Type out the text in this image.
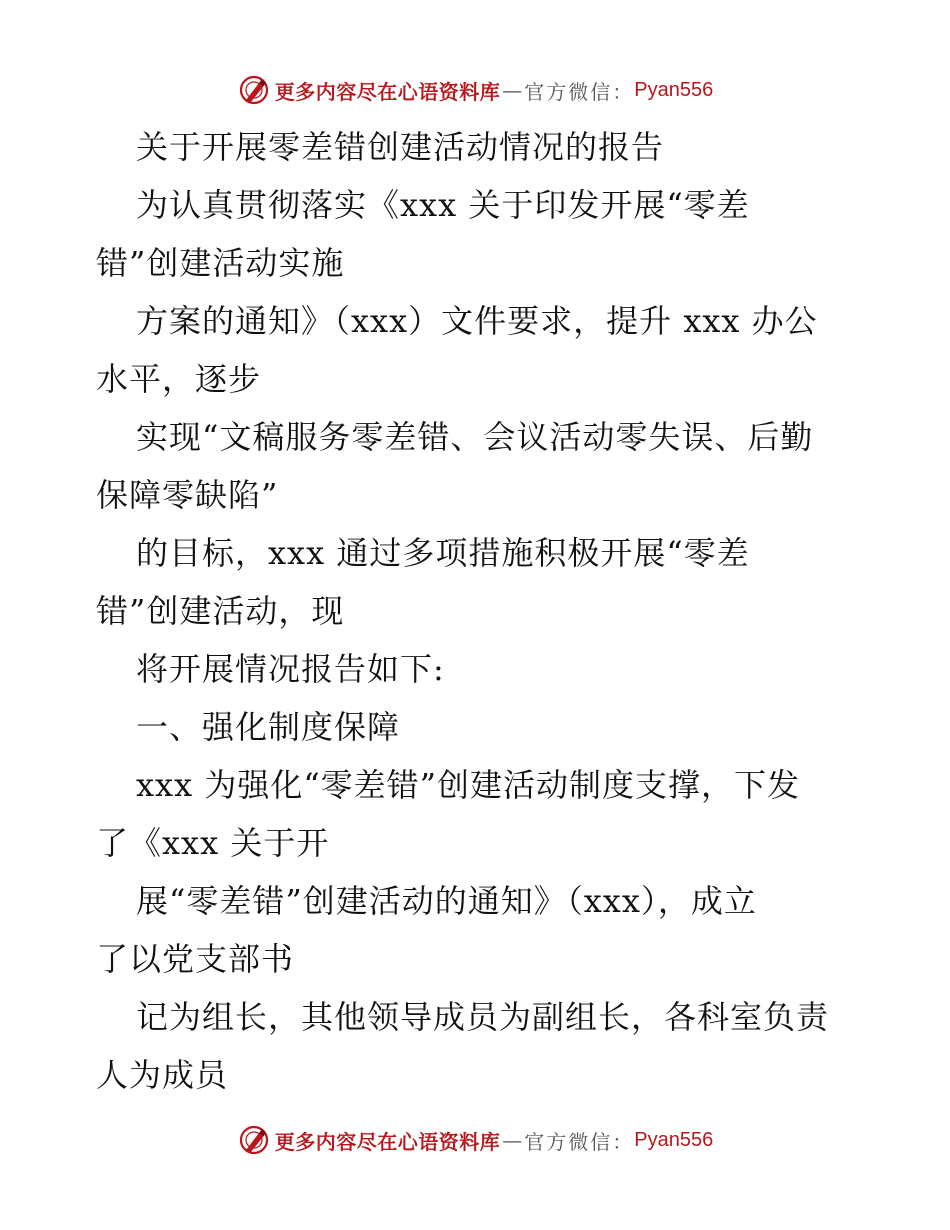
更多内容尽在心语资料库 — 官方微信： Pyan556
关于开展零差错创建活动情况的报告
为认真贯彻落实《xxx 关于印发开展“零差
错”创建活动实施
方案的通知》（xxx）文件要求，提升 xxx 办公
水平，逐步
实现“文稿服务零差错、会议活动零失误、后勤
保障零缺陷”
的目标，xxx 通过多项措施积极开展“零差
错”创建活动，现
将开展情况报告如下:
一、强化制度保障
xxx 为强化“零差错”创建活动制度支撑，下发
了《xxx 关于开
展“零差错”创建活动的通知》（xxx），成立
了以党支部书
记为组长，其他领导成员为副组长，各科室负责
人为成员
更多内容尽在心语资料库 — 官方微信： Pyan556
